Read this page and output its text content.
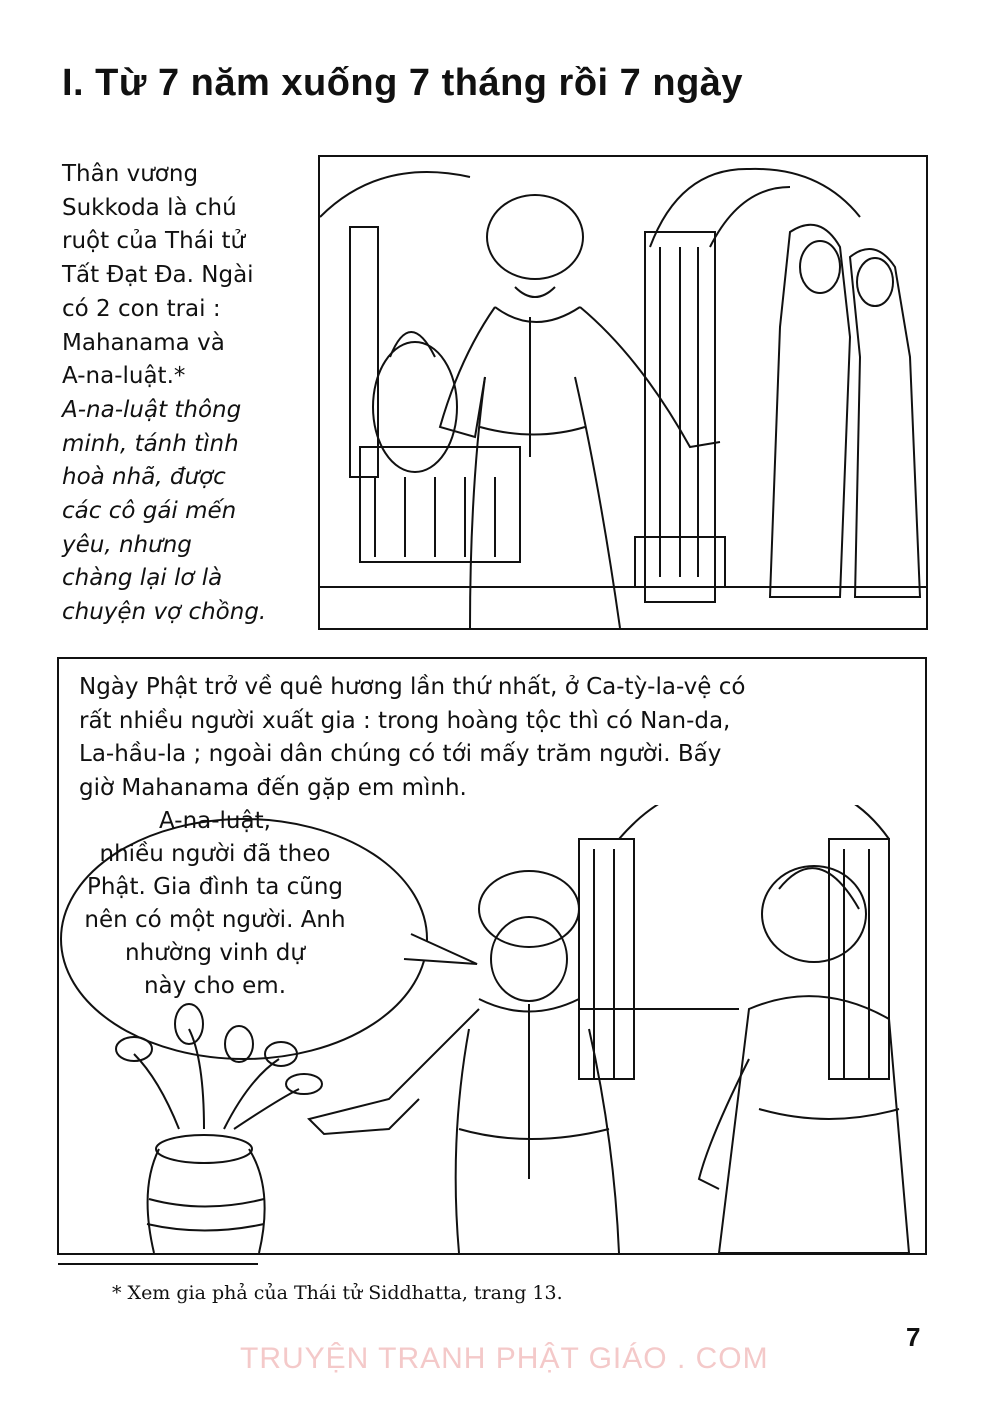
I. Từ 7 năm xuống 7 tháng rồi 7 ngày
Thân vương
Sukkoda là chú
ruột của Thái tử
Tất Đạt Đa. Ngài
có 2 con trai :
Mahanama và
A-na-luật.*
A-na-luật thông
minh, tánh tình
hoà nhã, được
các cô gái mến
yêu, nhưng
chàng lại lơ là
chuyện vợ chồng.
Ngày Phật trở về quê hương lần thứ nhất, ở Ca-tỳ-la-vệ có
rất nhiều người xuất gia : trong hoàng tộc thì có Nan-da,
La-hầu-la ; ngoài dân chúng có tới mấy trăm người. Bấy
giờ Mahanama đến gặp em mình.
A-na-luật,
nhiều người đã theo
Phật. Gia đình ta cũng
nên có một người. Anh
nhường vinh dự
này cho em.
* Xem gia phả của Thái tử Siddhatta, trang 13.
7
TRUYỆN TRANH PHẬT GIÁO . COM
